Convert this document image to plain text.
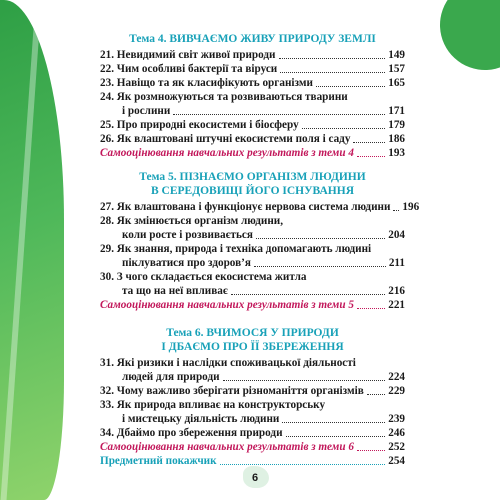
Тема 4. ВИВЧАЄМО ЖИВУ ПРИРОДУ ЗЕМЛІ
21. Невидимий світ живої природи	149
22. Чим особливі бактерії та віруси	157
23. Навіщо та як класифікують організми	165
24. Як розмножуються та розвиваються тварини
і рослини	171
25. Про природні екосистеми і біосферу	179
26. Як влаштовані штучні екосистеми поля і саду	186
Самооцінювання навчальних результатів з теми 4	193
Тема 5. ПІЗНАЄМО ОРГАНІЗМ ЛЮДИНИ
В СЕРЕДОВИЩІ ЙОГО ІСНУВАННЯ
27. Як влаштована і функціонує нервова система людини 196
28. Як змінюється організм людини,
коли росте і розвивається	204
29. Як знання, природа і техніка допомагають людині
піклуватися про здоров’я	211
30. З чого складається екосистема житла
та що на неї впливає	216
Самооцінювання навчальних результатів з теми 5	221
Тема 6. ВЧИМОСЯ У ПРИРОДИ
І ДБАЄМО ПРО ЇЇ ЗБЕРЕЖЕННЯ
31. Які ризики і наслідки споживацької діяльності
людей для природи	224
32. Чому важливо зберігати різноманіття організмів 229
33. Як природа впливає на конструкторську
і мистецьку діяльність людини	239
34. Дбаймо про збереження природи	246
Самооцінювання навчальних результатів з теми 6	252
Предметний покажчик	254
6
